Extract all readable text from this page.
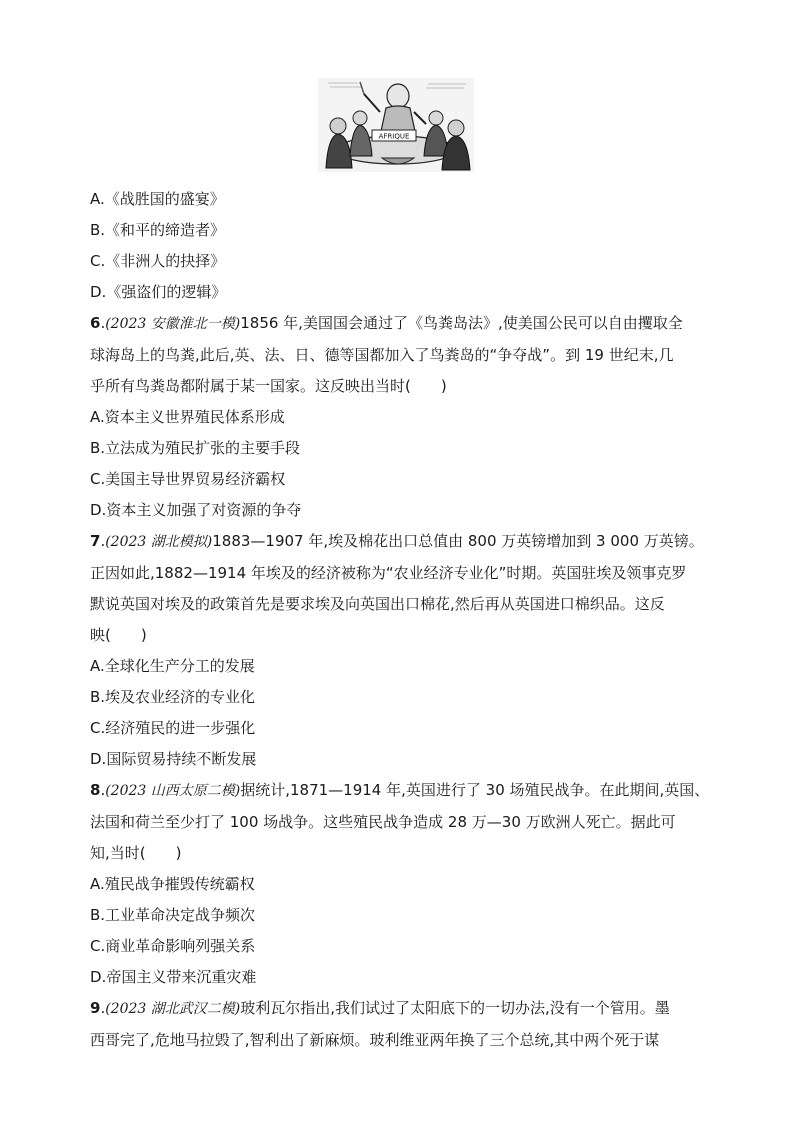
AFRIQUE
A.《战胜国的盛宴》
B.《和平的缔造者》
C.《非洲人的抉择》
D.《强盗们的逻辑》
6.(2023 安徽淮北一模)1856 年,美国国会通过了《鸟粪岛法》,使美国公民可以自由攫取全
球海岛上的鸟粪,此后,英、法、日、德等国都加入了鸟粪岛的“争夺战”。到 19 世纪末,几
乎所有鸟粪岛都附属于某一国家。这反映出当时(　　)
A.资本主义世界殖民体系形成
B.立法成为殖民扩张的主要手段
C.美国主导世界贸易经济霸权
D.资本主义加强了对资源的争夺
7.(2023 湖北模拟)1883—1907 年,埃及棉花出口总值由 800 万英镑增加到 3 000 万英镑。
正因如此,1882—1914 年埃及的经济被称为“农业经济专业化”时期。英国驻埃及领事克罗
默说英国对埃及的政策首先是要求埃及向英国出口棉花,然后再从英国进口棉织品。这反
映(　　)
A.全球化生产分工的发展
B.埃及农业经济的专业化
C.经济殖民的进一步强化
D.国际贸易持续不断发展
8.(2023 山西太原二模)据统计,1871—1914 年,英国进行了 30 场殖民战争。在此期间,英国、
法国和荷兰至少打了 100 场战争。这些殖民战争造成 28 万—30 万欧洲人死亡。据此可
知,当时(　　)
A.殖民战争摧毁传统霸权
B.工业革命决定战争频次
C.商业革命影响列强关系
D.帝国主义带来沉重灾难
9.(2023 湖北武汉二模)玻利瓦尔指出,我们试过了太阳底下的一切办法,没有一个管用。墨
西哥完了,危地马拉毁了,智利出了新麻烦。玻利维亚两年换了三个总统,其中两个死于谋
